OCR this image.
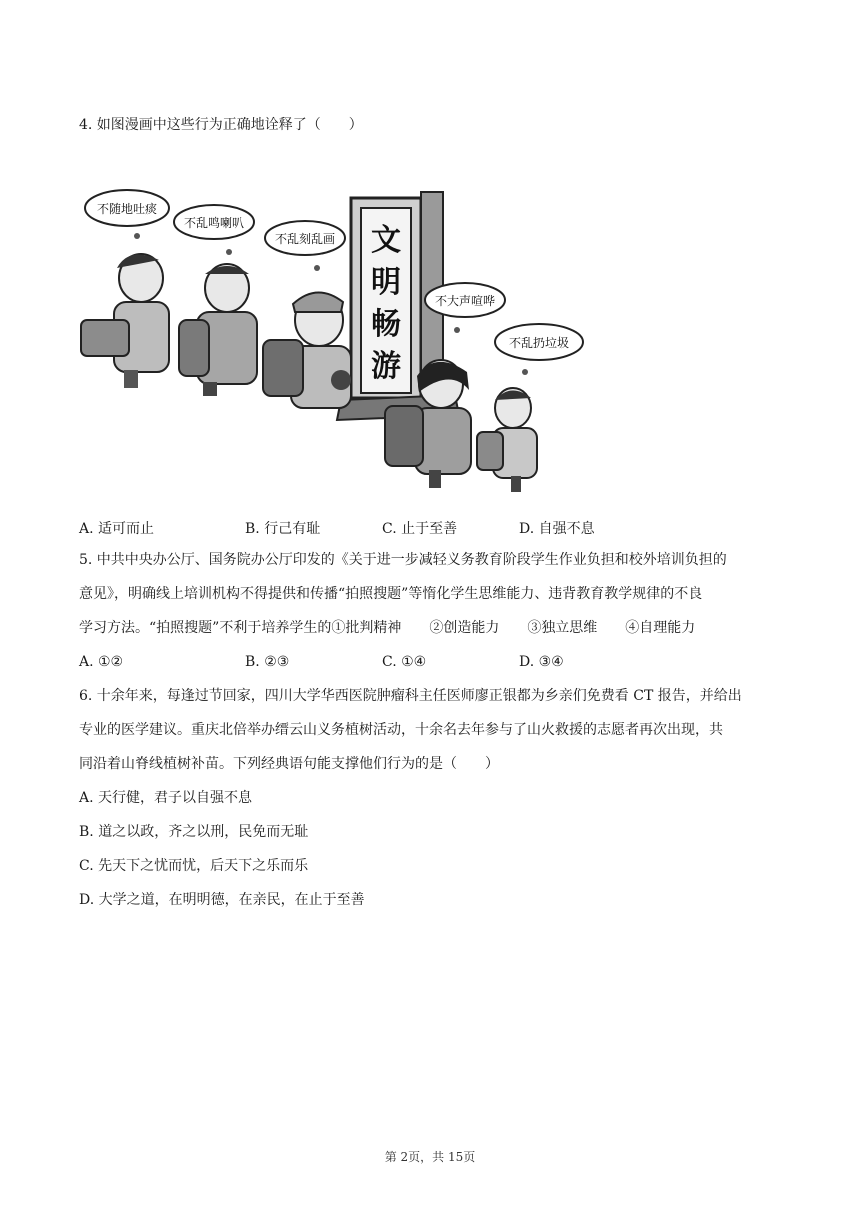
4. 如图漫画中这些行为正确地诠释了（　　）
文
明
畅
游
不随地吐痰
不乱鸣喇叭
不乱刻乱画
不大声喧哗
不乱扔垃圾
A. 适可而止	B. 行己有耻	C. 止于至善	D. 自强不息
5. 中共中央办公厅、国务院办公厅印发的《关于进一步减轻义务教育阶段学生作业负担和校外培训负担的
意见》，明确线上培训机构不得提供和传播“拍照搜题”等惰化学生思维能力、违背教育教学规律的不良
学习方法。“拍照搜题”不利于培养学生的①批判精神　　②创造能力　　③独立思维　　④自理能力
A. ①②	B. ②③	C. ①④	D. ③④
6. 十余年来，每逢过节回家，四川大学华西医院肿瘤科主任医师廖正银都为乡亲们免费看 CT 报告，并给出
专业的医学建议。重庆北倍举办缙云山义务植树活动，十余名去年参与了山火救援的志愿者再次出现，共
同沿着山脊线植树补苗。下列经典语句能支撑他们行为的是（　　）
A. 天行健，君子以自强不息
B. 道之以政，齐之以刑，民免而无耻
C. 先天下之忧而忧，后天下之乐而乐
D. 大学之道，在明明德，在亲民，在止于至善
第 2页，共 15页
